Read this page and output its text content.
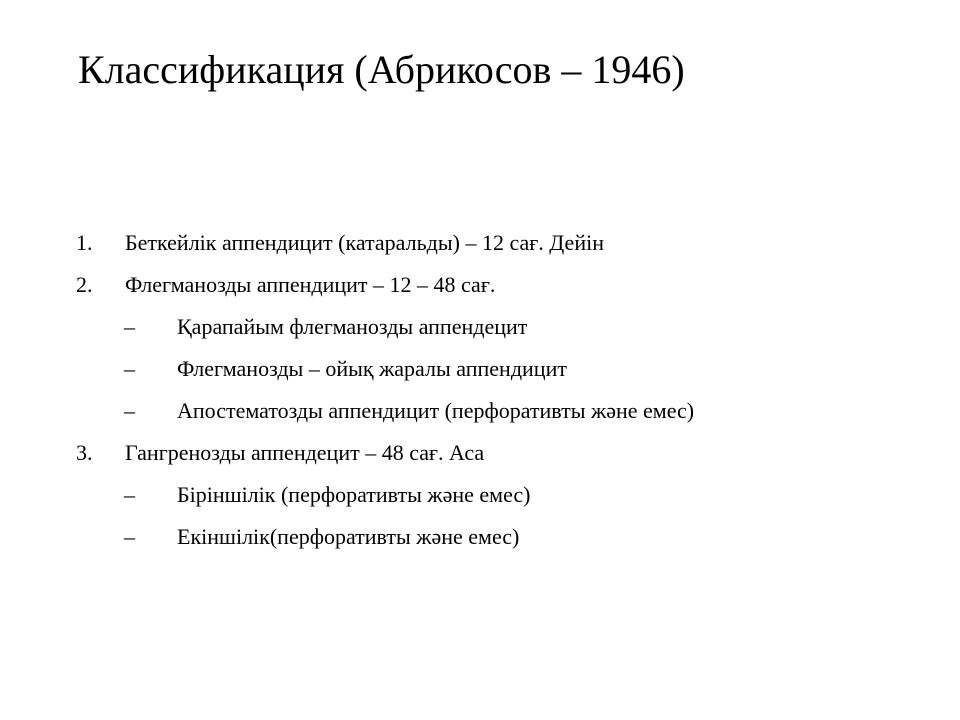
Классификация (Абрикосов – 1946)
1. Беткейлік аппендицит (катаральды) – 12 сағ. Дейін
2. Флегманозды аппендицит – 12 – 48 сағ.
– Қарапайым флегманозды аппендецит
– Флегманозды – ойық жаралы аппендицит
– Апостематозды аппендицит (перфоративты және емес)
3. Гангренозды аппендецит – 48 сағ. Аса
– Біріншілік (перфоративты және емес)
– Екіншілік(перфоративты және емес)
